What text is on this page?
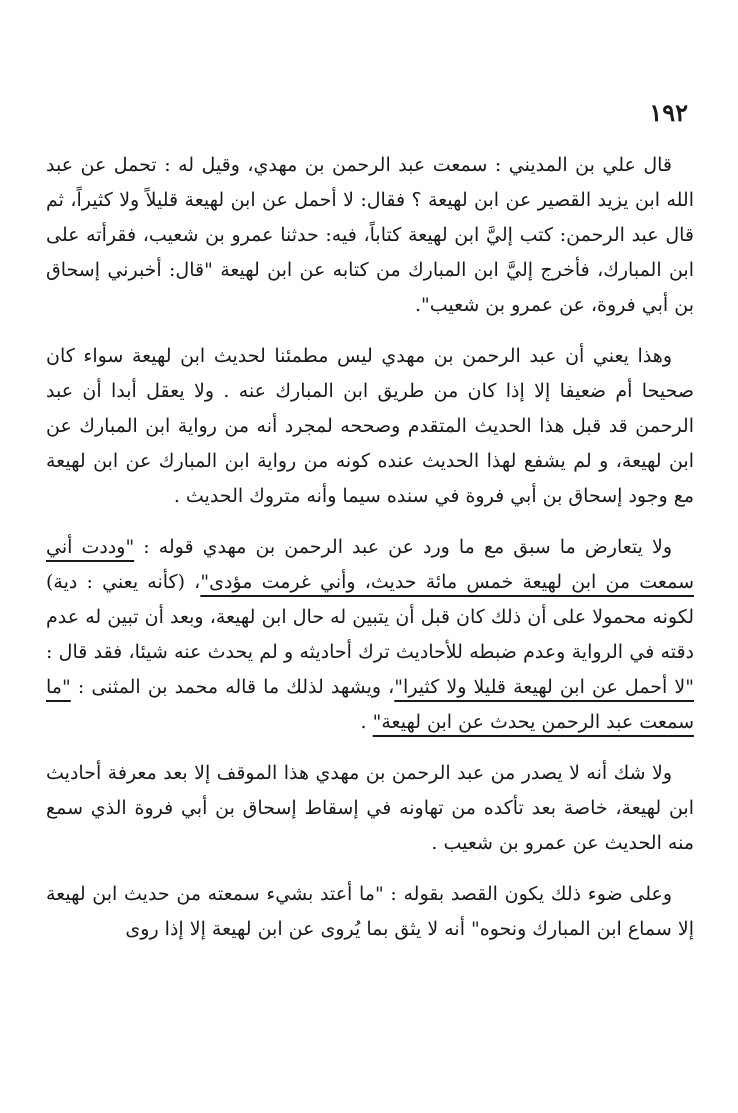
١٩٢

قال علي بن المديني : سمعت عبد الرحمن بن مهدي، وقيل له : تحمل عن عبد الله ابن يزيد القصير عن ابن لهيعة ؟ فقال: لا أحمل عن ابن لهيعة قليلاً ولا كثيراً، ثم قال عبد الرحمن: كتب إليَّ ابن لهيعة كتاباً، فيه: حدثنا عمرو بن شعيب، فقرأته على ابن المبارك، فأخرج إليَّ ابن المبارك من كتابه عن ابن لهيعة "قال: أخبرني إسحاق بن أبي فروة، عن عمرو بن شعيب".

وهذا يعني أن عبد الرحمن بن مهدي ليس مطمئنا لحديث ابن لهيعة سواء كان صحيحا أم ضعيفا إلا إذا كان من طريق ابن المبارك عنه . ولا يعقل أبدا أن عبد الرحمن قد قبل هذا الحديث المتقدم وصححه لمجرد أنه من رواية ابن المبارك عن ابن لهيعة، و لم يشفع لهذا الحديث عنده كونه من رواية ابن المبارك عن ابن لهيعة مع وجود إسحاق بن أبي فروة في سنده سيما وأنه متروك الحديث .

ولا يتعارض ما سبق مع ما ورد عن عبد الرحمن بن مهدي قوله : "وددت أني سمعت من ابن لهيعة خمس مائة حديث، وأني غرمت مؤدى"، (كأنه يعني : دية) لكونه محمولا على أن ذلك كان قبل أن يتبين له حال ابن لهيعة، وبعد أن تبين له عدم دقته في الرواية وعدم ضبطه للأحاديث ترك أحاديثه و لم يحدث عنه شيئا، فقد قال : "لا أحمل عن ابن لهيعة قليلا ولا كثيرا"، ويشهد لذلك ما قاله محمد بن المثنى : "ما سمعت عبد الرحمن يحدث عن ابن لهيعة" .

ولا شك أنه لا يصدر من عبد الرحمن بن مهدي هذا الموقف إلا بعد معرفة أحاديث ابن لهيعة، خاصة بعد تأكده من تهاونه في إسقاط إسحاق بن أبي فروة الذي سمع منه الحديث عن عمرو بن شعيب .

وعلى ضوء ذلك يكون القصد بقوله : "ما أعتد بشيء سمعته من حديث ابن لهيعة إلا سماع ابن المبارك ونحوه" أنه لا يثق بما يُروى عن ابن لهيعة إلا إذا روى
